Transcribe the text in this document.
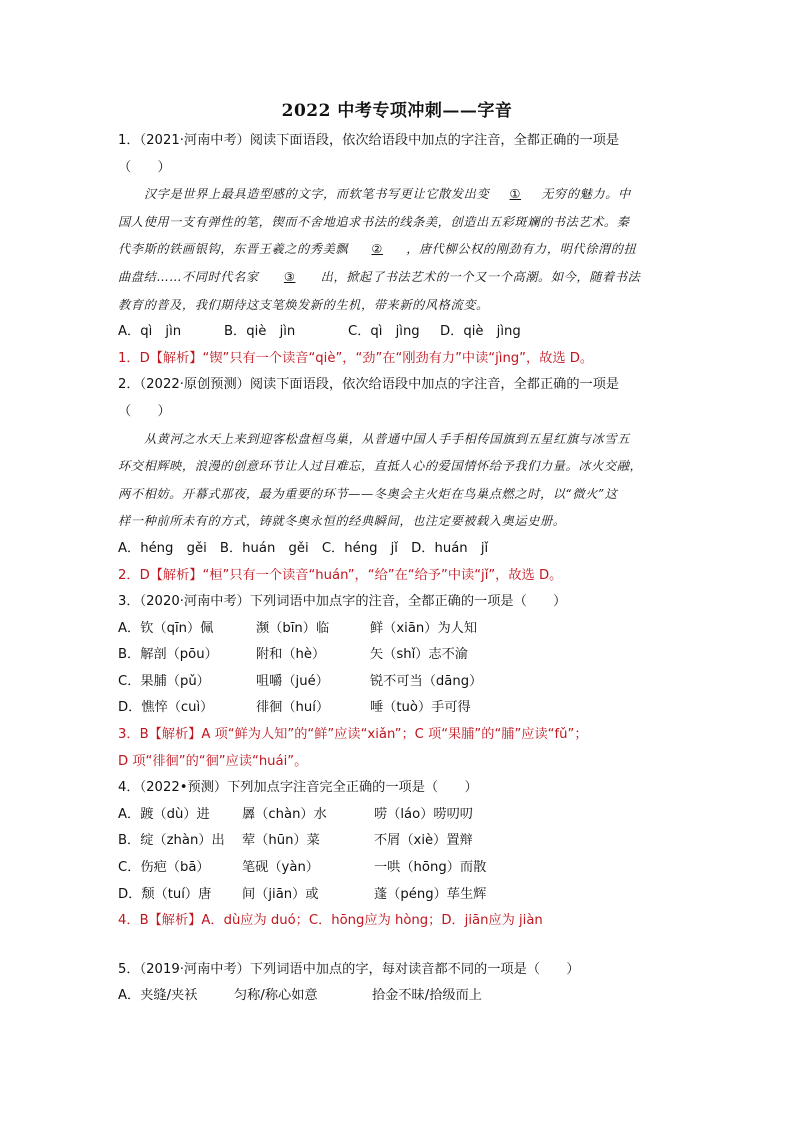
2022 中考专项冲刺——字音
1．（2021·河南中考）阅读下面语段，依次给语段中加点的字注音，全都正确的一项是
（　　）
汉字是世界上最具造型感的文字，而软笔书写更让它散发出变 ① 无穷的魅力。中
国人使用一支有弹性的笔，锲而不舍地追求书法的线条美，创造出五彩斑斓的书法艺术。秦
代李斯的铁画银钩，东晋王羲之的秀美飘 ② ，唐代柳公权的刚劲有力，明代徐渭的扭
曲盘结……不同时代名家 ③ 出，掀起了书法艺术的一个又一个高潮。如今，随着书法
教育的普及，我们期待这支笔焕发新的生机，带来新的风格流变。
A．qì　jìn	B．qiè　jìn	C．qì　jìng D．qiè　jìng
1．D【解析】“锲”只有一个读音“qiè”，“劲”在“刚劲有力”中读“jìng”，故选 D。
2．（2022·原创预测）阅读下面语段，依次给语段中加点的字注音，全都正确的一项是
（　　）
从黄河之水天上来到迎客松盘桓鸟巢，从普通中国人手手相传国旗到五星红旗与冰雪五
环交相辉映，浪漫的创意环节让人过目难忘，直抵人心的爱国情怀给予我们力量。冰火交融，
两不相妨。开幕式那夜，最为重要的环节——冬奥会主火炬在鸟巢点燃之时，以“微火”这
样一种前所未有的方式，铸就冬奥永恒的经典瞬间，也注定要被载入奥运史册。
A．héng　gěi　B．huán　gěi　C．héng　jǐ　D．huán　jǐ
2．D【解析】“桓”只有一个读音“huán”，“给”在“给予”中读“jǐ”，故选 D。
3．（2020·河南中考）下列词语中加点字的注音，全都正确的一项是（　　）
A．钦（qīn）佩	濒（bīn）临	鲜（xiān）为人知
B．解剖（pōu）	附和（hè）	矢（shǐ）志不渝
C．果脯（pǔ）	咀嚼（jué）	锐不可当（dāng）
D．憔悴（cuì）	徘徊（huí）	唾（tuò）手可得
3．B【解析】A 项“鲜为人知”的“鲜”应读“xiǎn”；C 项“果脯”的“脯”应读“fǔ”；
D 项“徘徊”的“徊”应读“huái”。
4．（2022•预测）下列加点字注音完全正确的一项是（　　）
A．踱（dù）进 羼（chàn）水	唠（láo）唠叨叨
B．绽（zhàn）出 荤（hūn）菜	不屑（xiè）置辩
C．伤疤（bā） 笔砚（yàn）	一哄（hōng）而散
D．颓（tuí）唐 间（jiān）或	蓬（péng）荜生辉
4．B【解析】A．dù应为 duó；C．hōng应为 hòng；D．jiān应为 jiàn
5．（2019·河南中考）下列词语中加点的字，每对读音都不同的一项是（　　）
A．夹缝/夹袄	匀称/称心如意	拾金不昧/拾级而上
